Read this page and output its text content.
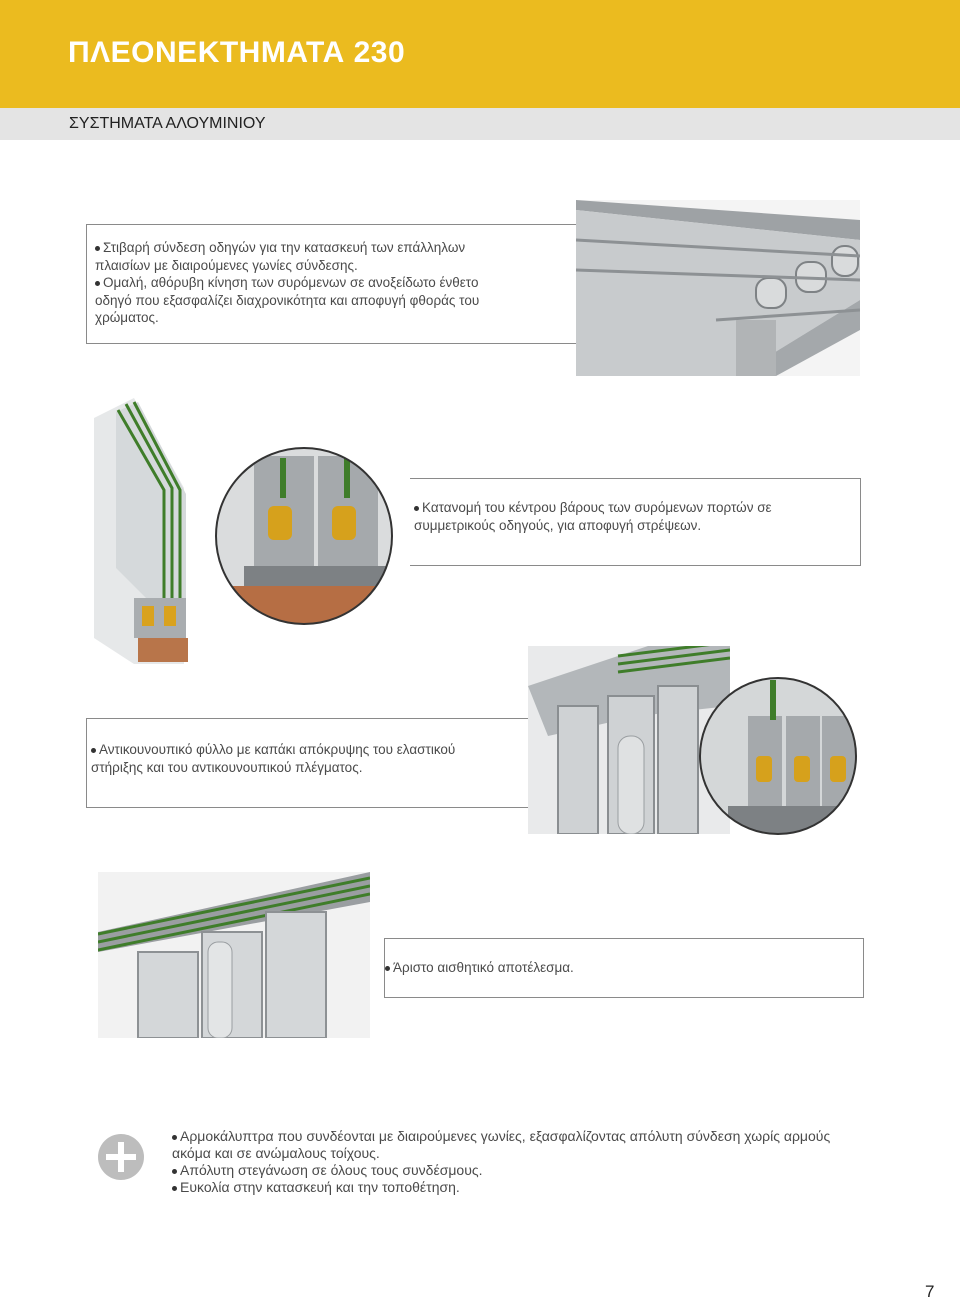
ΠΛΕΟΝΕΚΤΗΜΑΤΑ 230
ΣΥΣΤΗΜΑΤΑ ΑΛΟΥΜΙΝΙΟΥ
Στιβαρή σύνδεση οδηγών για την κατασκευή των επάλληλων
πλαισίων με διαιρούμενες γωνίες σύνδεσης.
Ομαλή, αθόρυβη κίνηση των συρόμενων σε ανοξείδωτο ένθετο
οδηγό που εξασφαλίζει διαχρονικότητα και αποφυγή φθοράς του
χρώματος.
Κατανομή του κέντρου βάρους των συρόμενων πορτών σε
συμμετρικούς οδηγούς, για αποφυγή στρέψεων.
Αντικουνουπικό φύλλο με καπάκι απόκρυψης του ελαστικού
στήριξης και του αντικουνουπικού πλέγματος.
Άριστο αισθητικό αποτέλεσμα.
Αρμοκάλυπτρα που συνδέονται με διαιρούμενες γωνίες, εξασφαλίζοντας απόλυτη σύνδεση χωρίς αρμούς
ακόμα και σε ανώμαλους τοίχους.
Απόλυτη στεγάνωση σε όλους τους συνδέσμους.
Ευκολία στην κατασκευή και την τοποθέτηση.
7
